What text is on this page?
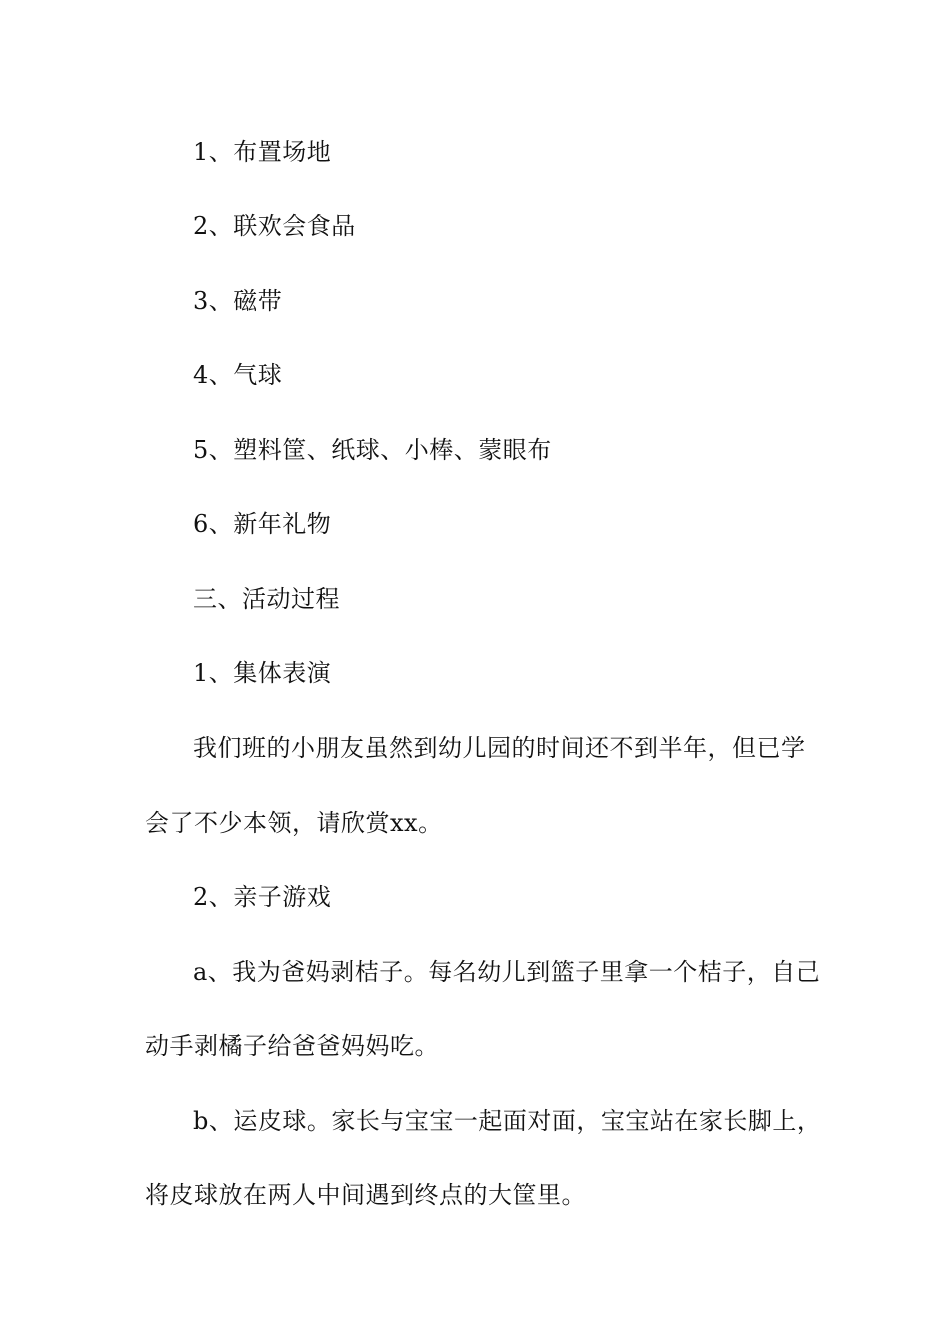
1、布置场地
2、联欢会食品
3、磁带
4、气球
5、塑料筐、纸球、小棒、蒙眼布
6、新年礼物
三、活动过程
1、集体表演
我们班的小朋友虽然到幼儿园的时间还不到半年，但已学
会了不少本领，请欣赏xx。
2、亲子游戏
a、我为爸妈剥桔子。每名幼儿到篮子里拿一个桔子，自己
动手剥橘子给爸爸妈妈吃。
b、运皮球。家长与宝宝一起面对面，宝宝站在家长脚上，
将皮球放在两人中间遇到终点的大筐里。
